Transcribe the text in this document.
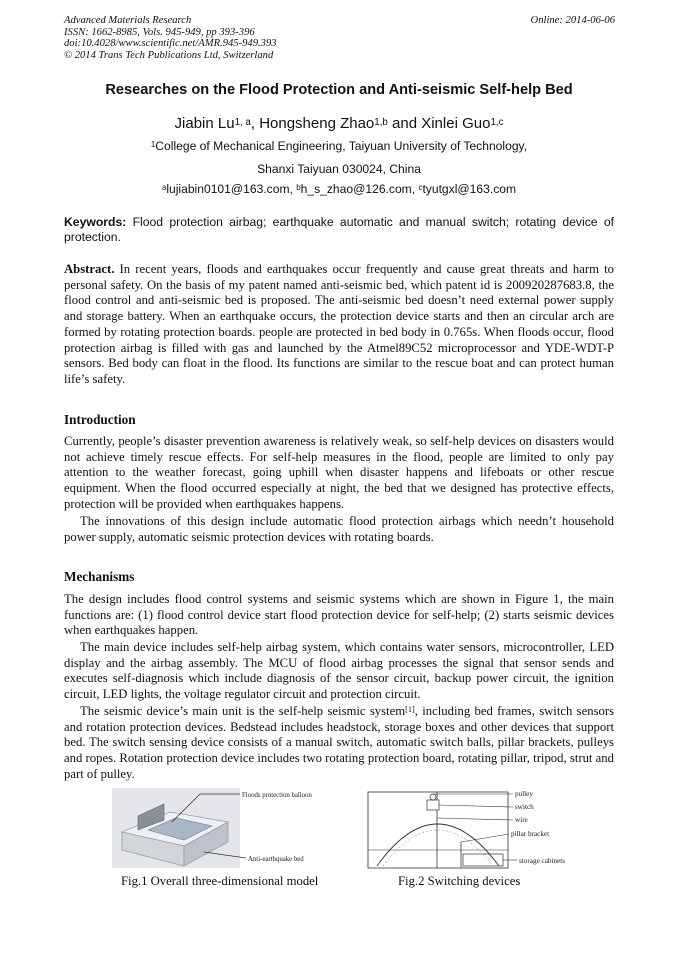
Advanced Materials Research
ISSN: 1662-8985, Vols. 945-949, pp 393-396
doi:10.4028/www.scientific.net/AMR.945-949.393
© 2014 Trans Tech Publications Ltd, Switzerland
Online: 2014-06-06
Researches on the Flood Protection and Anti-seismic Self-help Bed
Jiabin Lu$^{1, a}$, Hongsheng Zhao$^{1,b}$ and Xinlei Guo$^{1,c}$
$^1$College of Mechanical Engineering, Taiyuan University of Technology,
Shanxi Taiyuan 030024, China
$^a$lujiabin0101@163.com, $^b$h_s_zhao@126.com, $^c$tyutgxl@163.com
Keywords: Flood protection airbag; earthquake automatic and manual switch; rotating device of protection.
Abstract. In recent years, floods and earthquakes occur frequently and cause great threats and harm to personal safety. On the basis of my patent named anti-seismic bed, which patent id is 200920287683.8, the flood control and anti-seismic bed is proposed. The anti-seismic bed doesn’t need external power supply and storage battery. When an earthquake occurs, the protection device starts and then an circular arch are formed by rotating protection boards. people are protected in bed body in 0.765s. When floods occur, flood protection airbag is filled with gas and launched by the Atmel89C52 microprocessor and YDE-WDT-P sensors. Bed body can float in the flood. Its functions are similar to the rescue boat and can protect human life’s safety.
Introduction
Currently, people’s disaster prevention awareness is relatively weak, so self-help devices on disasters would not achieve timely rescue effects. For self-help measures in the flood, people are limited to only pay attention to the weather forecast, going uphill when disaster happens and lifeboats or other rescue equipment. When the flood occurred especially at night, the bed that we designed has protective effects, protection will be provided when earthquakes happens.
The innovations of this design include automatic flood protection airbags which needn’t household power supply, automatic seismic protection devices with rotating boards.
Mechanisms
The design includes flood control systems and seismic systems which are shown in Figure 1, the main functions are: (1) flood control device start flood protection device for self-help; (2) starts seismic devices when earthquakes happen.
The main device includes self-help airbag system, which contains water sensors, microcontroller, LED display and the airbag assembly. The MCU of flood airbag processes the signal that sensor sends and executes self-diagnosis which include diagnosis of the sensor circuit, backup power circuit, the ignition circuit, LED lights, the voltage regulator circuit and protection circuit.
The seismic device’s main unit is the self-help seismic system[1], including bed frames, switch sensors and rotation protection devices. Bedstead includes headstock, storage boxes and other devices that support bed. The switch sensing device consists of a manual switch, automatic switch balls, pillar brackets, pulleys and ropes. Rotation protection device includes two rotating protection board, rotating pillar, tripod, strut and part of pulley.
Floods protection balloon
Anti-earthquake bed
Fig.1 Overall three-dimensional model
pulley
switch
wire
pillar bracket
storage cabinets
Fig.2 Switching devices
